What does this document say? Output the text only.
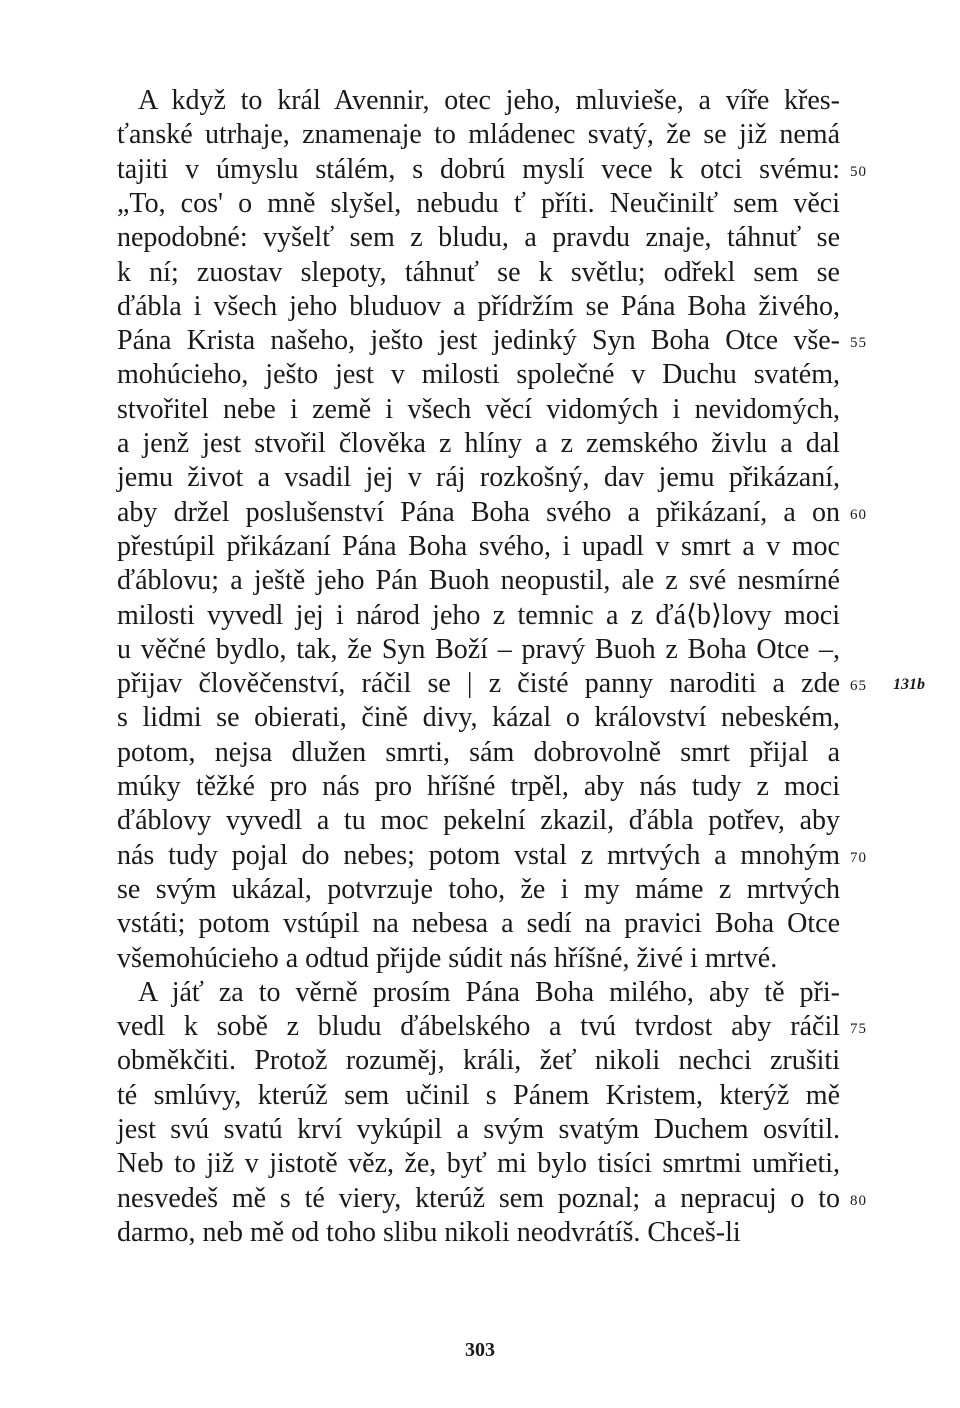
A když to král Avennir, otec jeho, mluvieše, a víře křes-
ťanské utrhaje, znamenaje to mládenec svatý, že se již nemá
tajiti v úmyslu stálém, s dobrú myslí vece k otci svému:
„To, cos' o mně slyšel, nebudu ť příti. Neučinilť sem věci
nepodobné: vyšelť sem z bludu, a pravdu znaje, táhnuť se
k ní; zuostav slepoty, táhnuť se k světlu; odřekl sem se
ďábla i všech jeho bluduov a přídržím se Pána Boha živého,
Pána Krista našeho, ješto jest jedinký Syn Boha Otce vše-
mohúcieho, ješto jest v milosti společné v Duchu svatém,
stvořitel nebe i země i všech věcí vidomých i nevidomých,
a jenž jest stvořil člověka z hlíny a z zemského živlu a dal
jemu život a vsadil jej v ráj rozkošný, dav jemu přikázaní,
aby držel poslušenství Pána Boha svého a přikázaní, a on
přestúpil přikázaní Pána Boha svého, i upadl v smrt a v moc
ďáblovu; a ještě jeho Pán Buoh neopustil, ale z své nesmírné
milosti vyvedl jej i národ jeho z temnic a z ďá⟨b⟩lovy moci
u věčné bydlo, tak, že Syn Boží – pravý Buoh z Boha Otce –,
přijav člověčenství, ráčil se | z čisté panny naroditi a zde
s lidmi se obierati, čině divy, kázal o království nebeském,
potom, nejsa dlužen smrti, sám dobrovolně smrt přijal a
múky těžké pro nás pro hříšné trpěl, aby nás tudy z moci
ďáblovy vyvedl a tu moc pekelní zkazil, ďábla potřev, aby
nás tudy pojal do nebes; potom vstal z mrtvých a mnohým
se svým ukázal, potvrzuje toho, že i my máme z mrtvých
vstáti; potom vstúpil na nebesa a sedí na pravici Boha Otce
všemohúcieho a odtud přijde súdit nás hříšné, živé i mrtvé.
A jáť za to věrně prosím Pána Boha milého, aby tě při-
vedl k sobě z bludu ďábelského a tvú tvrdost aby ráčil
obměkčiti. Protož rozuměj, králi, žeť nikoli nechci zrušiti
té smlúvy, kterúž sem učinil s Pánem Kristem, kterýž mě
jest svú svatú krví vykúpil a svým svatým Duchem osvítil.
Neb to již v jistotě věz, že, byť mi bylo tisíci smrtmi umřieti,
nesvedeš mě s té viery, kterúž sem poznal; a nepracuj o to
darmo, neb mě od toho slibu nikoli neodvrátíš. Chceš-li
50
55
60
65
70
75
80
131b
303
